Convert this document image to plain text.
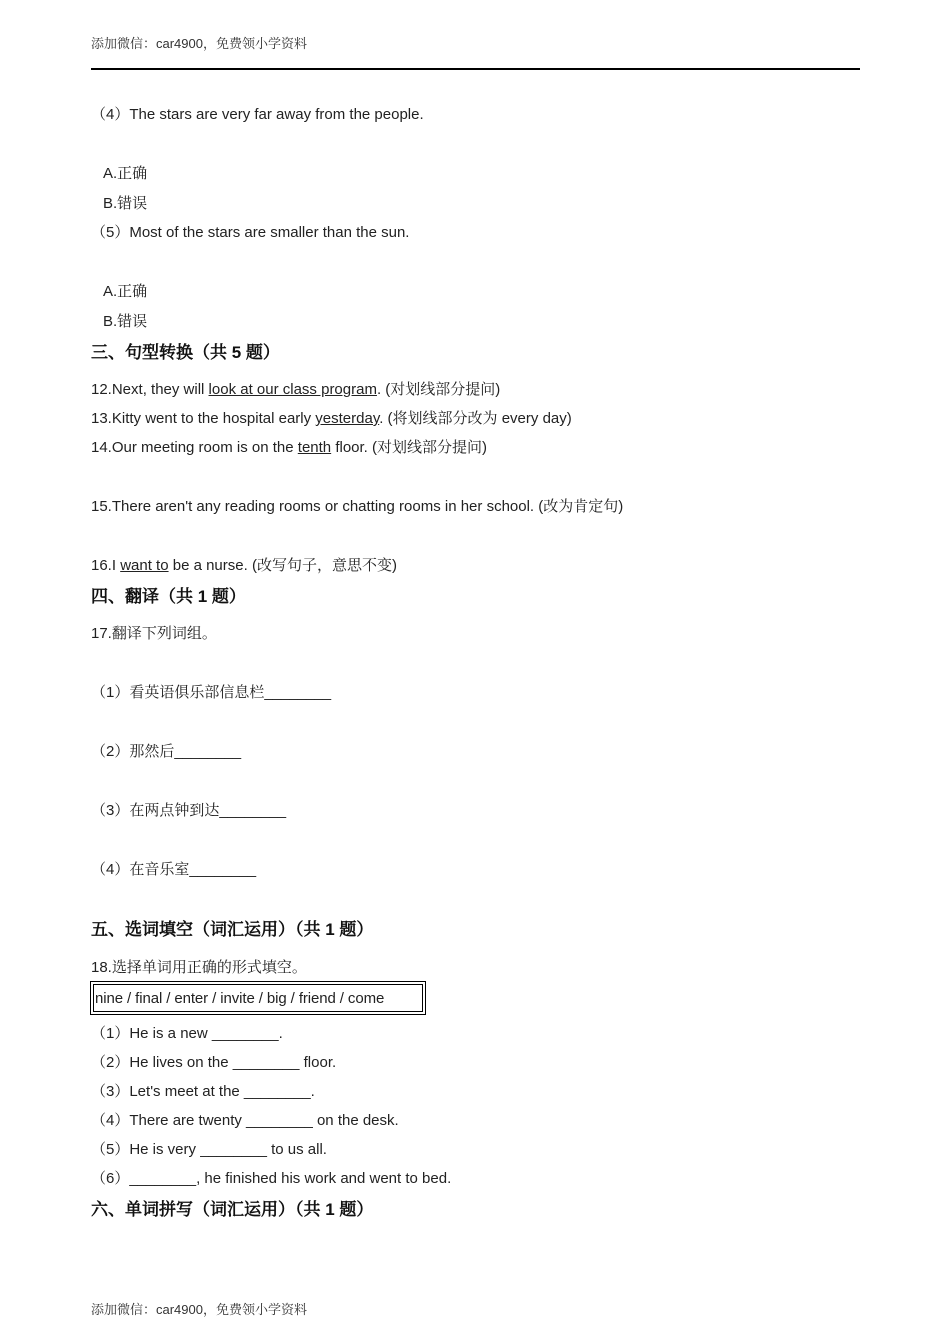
添加微信：car4900，免费领小学资料
（4）The stars are very far away from the people.
A.正确
B.错误
（5）Most of the stars are smaller than the sun.
A.正确
B.错误
三、句型转换（共 5 题）
12.Next, they will look at our class program. (对划线部分提问)
13.Kitty went to the hospital early yesterday. (将划线部分改为 every day)
14.Our meeting room is on the tenth floor. (对划线部分提问)
15.There aren't any reading rooms or chatting rooms in her school. (改为肯定句)
16.I want to be a nurse. (改写句子，意思不变)
四、翻译（共 1 题）
17.翻译下列词组。
（1）看英语俱乐部信息栏________
（2）那然后________
（3）在两点钟到达________
（4）在音乐室________
五、选词填空（词汇运用）（共 1 题）
18.选择单词用正确的形式填空。
nine / final / enter / invite / big / friend / come
（1）He is a new ________.
（2）He lives on the ________ floor.
（3）Let's meet at the ________.
（4）There are twenty ________ on the desk.
（5）He is very ________ to us all.
（6）________, he finished his work and went to bed.
六、单词拼写（词汇运用）（共 1 题）
添加微信：car4900，免费领小学资料
